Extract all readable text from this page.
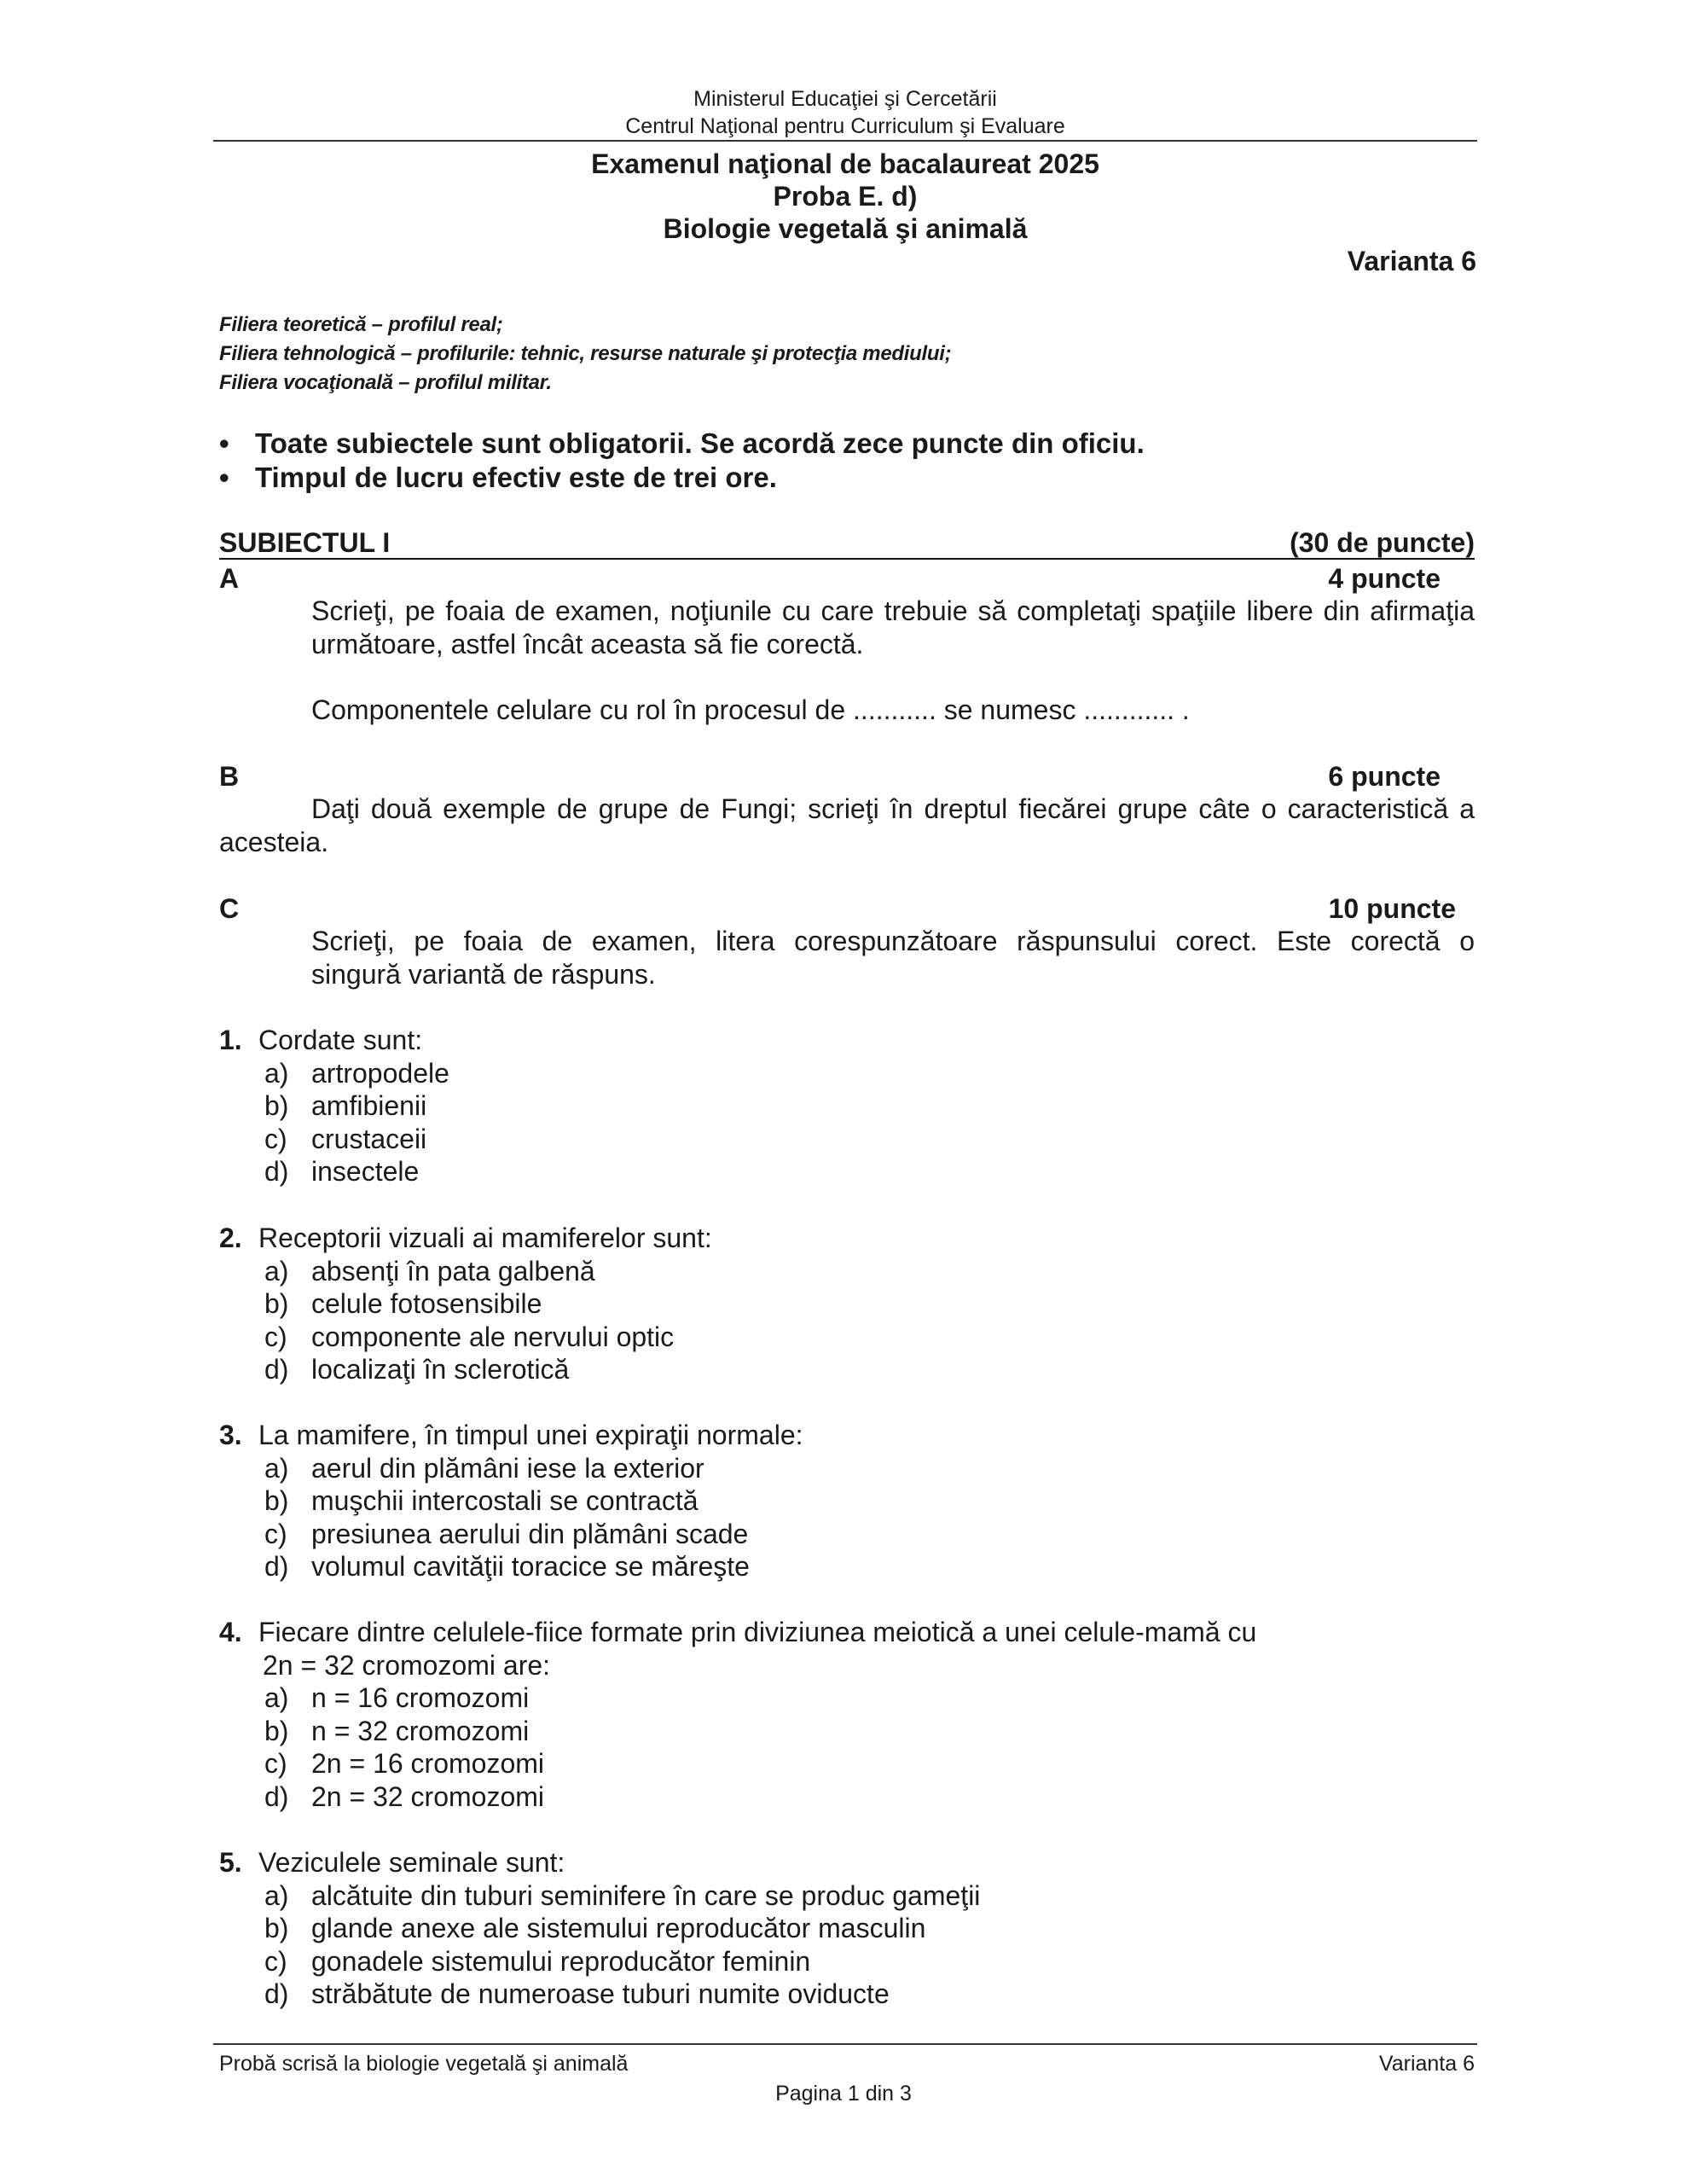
Ministerul Educaţiei şi Cercetării
Centrul Naţional pentru Curriculum şi Evaluare
Examenul naţional de bacalaureat 2025
Proba E. d)
Biologie vegetală şi animală
Varianta 6
Filiera teoretică – profilul real;
Filiera tehnologică – profilurile: tehnic, resurse naturale şi protecţia mediului;
Filiera vocaţională – profilul militar.
• Toate subiectele sunt obligatorii. Se acordă zece puncte din oficiu.
• Timpul de lucru efectiv este de trei ore.
SUBIECTUL I	(30 de puncte)
A	4 puncte
Scrieţi, pe foaia de examen, noţiunile cu care trebuie să completaţi spaţiile libere din afirmaţia
următoare, astfel încât aceasta să fie corectă.
Componentele celulare cu rol în procesul de ........... se numesc ............ .
B	6 puncte
Daţi două exemple de grupe de Fungi; scrieţi în dreptul fiecărei grupe câte o caracteristică a
acesteia.
C	10 puncte
Scrieţi, pe foaia de examen, litera corespunzătoare răspunsului corect. Este corectă o
singură variantă de răspuns.
1. Cordate sunt:
a) artropodele
b) amfibienii
c) crustaceii
d) insectele
2. Receptorii vizuali ai mamiferelor sunt:
a) absenţi în pata galbenă
b) celule fotosensibile
c) componente ale nervului optic
d) localizaţi în sclerotică
3. La mamifere, în timpul unei expiraţii normale:
a) aerul din plămâni iese la exterior
b) muşchii intercostali se contractă
c) presiunea aerului din plămâni scade
d) volumul cavităţii toracice se măreşte
4. Fiecare dintre celulele-fiice formate prin diviziunea meiotică a unei celule-mamă cu
2n = 32 cromozomi are:
a) n = 16 cromozomi
b) n = 32 cromozomi
c) 2n = 16 cromozomi
d) 2n = 32 cromozomi
5. Veziculele seminale sunt:
a) alcătuite din tuburi seminifere în care se produc gameţii
b) glande anexe ale sistemului reproducător masculin
c) gonadele sistemului reproducător feminin
d) străbătute de numeroase tuburi numite oviducte
Probă scrisă la biologie vegetală şi animală	Varianta 6
Pagina 1 din 3
